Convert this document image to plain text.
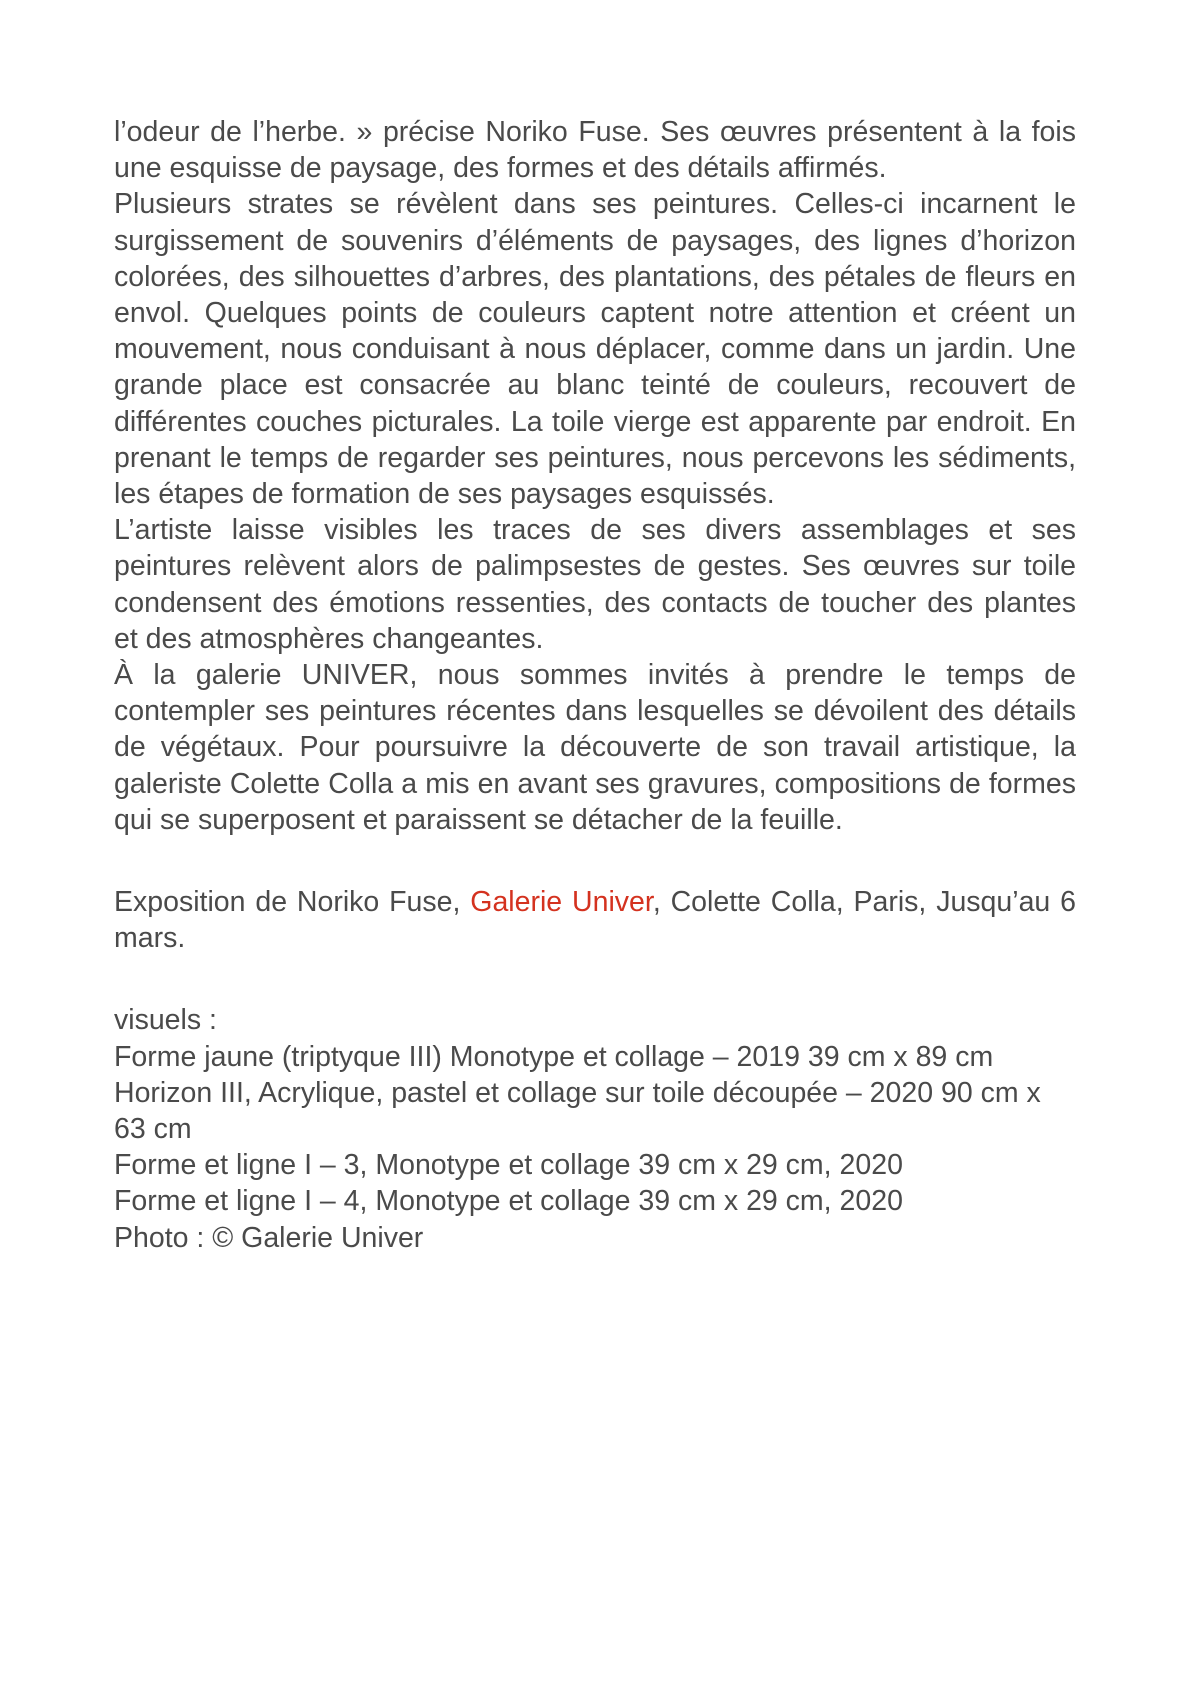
l’odeur de l’herbe. » précise Noriko Fuse. Ses œuvres présentent à la fois une esquisse de paysage, des formes et des détails affirmés.

Plusieurs strates se révèlent dans ses peintures. Celles-ci incarnent le surgissement de souvenirs d’éléments de paysages, des lignes d’horizon colorées, des silhouettes d’arbres, des plantations, des pétales de fleurs en envol. Quelques points de couleurs captent notre attention et créent un mouvement, nous conduisant à nous déplacer, comme dans un jardin. Une grande place est consacrée au blanc teinté de couleurs, recouvert de différentes couches picturales. La toile vierge est apparente par endroit. En prenant le temps de regarder ses peintures, nous percevons les sédiments, les étapes de formation de ses paysages esquissés.

L’artiste laisse visibles les traces de ses divers assemblages et ses peintures relèvent alors de palimpsestes de gestes. Ses œuvres sur toile condensent des émotions ressenties, des contacts de toucher des plantes et des atmosphères changeantes.

À la galerie UNIVER, nous sommes invités à prendre le temps de contempler ses peintures récentes dans lesquelles se dévoilent des détails de végétaux. Pour poursuivre la découverte de son travail artistique, la galeriste Colette Colla a mis en avant ses gravures, compositions de formes qui se superposent et paraissent se détacher de la feuille.

Exposition de Noriko Fuse, Galerie Univer, Colette Colla, Paris, Jusqu’au 6 mars.

visuels :

Forme jaune (triptyque III) Monotype et collage – 2019 39 cm x 89 cm

Horizon III, Acrylique, pastel et collage sur toile découpée – 2020 90 cm x 63 cm

Forme et ligne I – 3, Monotype et collage 39 cm x 29 cm, 2020

Forme et ligne I – 4, Monotype et collage 39 cm x 29 cm, 2020

Photo : © Galerie Univer
